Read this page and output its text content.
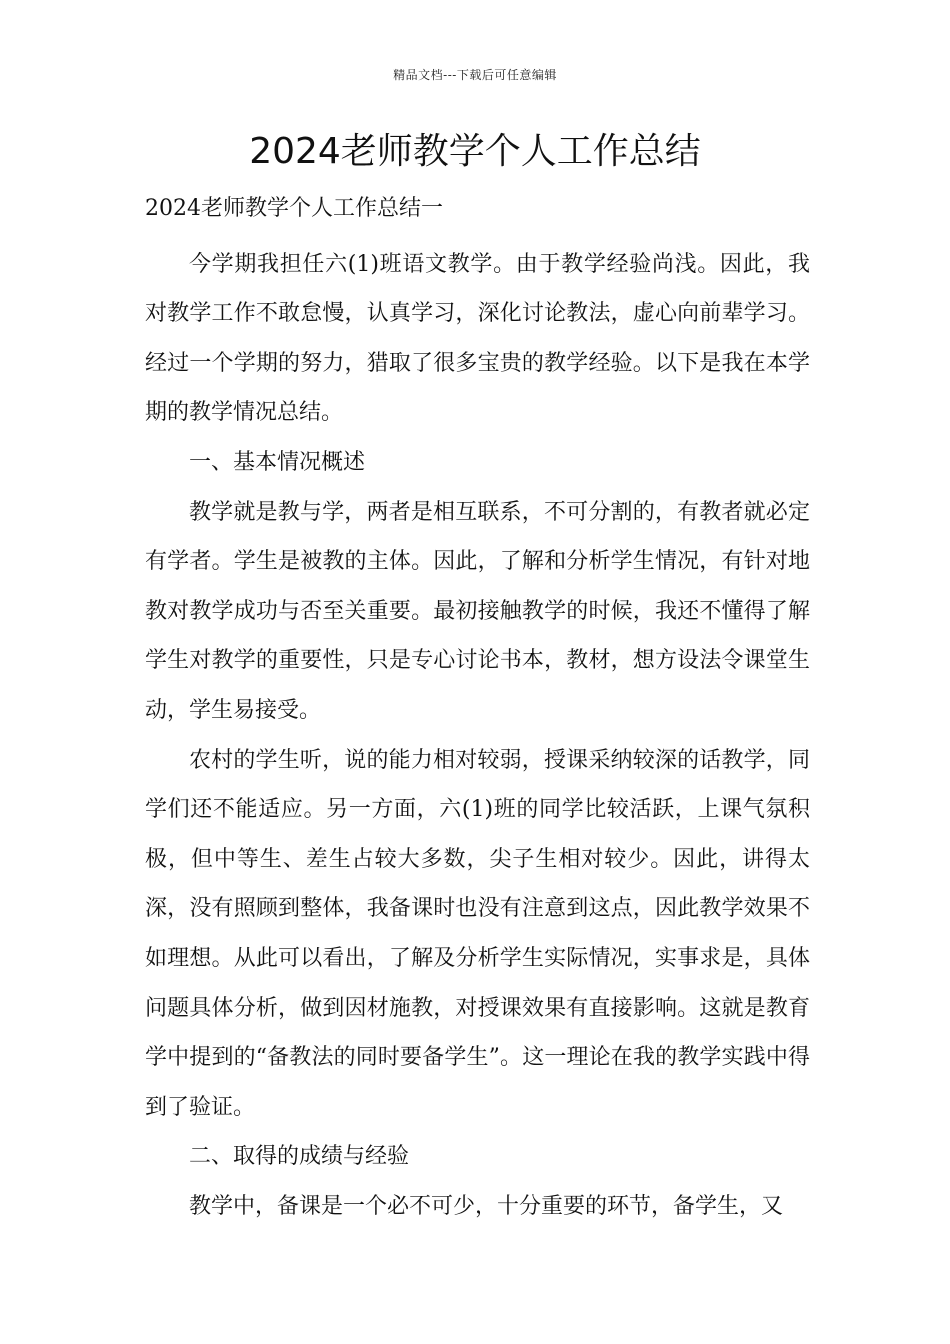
精品文档---下载后可任意编辑
2024老师教学个人工作总结

2024老师教学个人工作总结一

今学期我担任六(1)班语文教学。由于教学经验尚浅。因此，我对教学工作不敢怠慢，认真学习，深化讨论教法，虚心向前辈学习。经过一个学期的努力，猎取了很多宝贵的教学经验。以下是我在本学期的教学情况总结。

一、基本情况概述

教学就是教与学，两者是相互联系，不可分割的，有教者就必定有学者。学生是被教的主体。因此，了解和分析学生情况，有针对地教对教学成功与否至关重要。最初接触教学的时候，我还不懂得了解学生对教学的重要性，只是专心讨论书本，教材，想方设法令课堂生动，学生易接受。

农村的学生听，说的能力相对较弱，授课采纳较深的话教学，同学们还不能适应。另一方面，六(1)班的同学比较活跃，上课气氛积极，但中等生、差生占较大多数，尖子生相对较少。因此，讲得太深，没有照顾到整体，我备课时也没有注意到这点，因此教学效果不如理想。从此可以看出，了解及分析学生实际情况，实事求是，具体问题具体分析，做到因材施教，对授课效果有直接影响。这就是教育学中提到的“备教法的同时要备学生”。这一理论在我的教学实践中得到了验证。

二、取得的成绩与经验

教学中，备课是一个必不可少，十分重要的环节，备学生，又
